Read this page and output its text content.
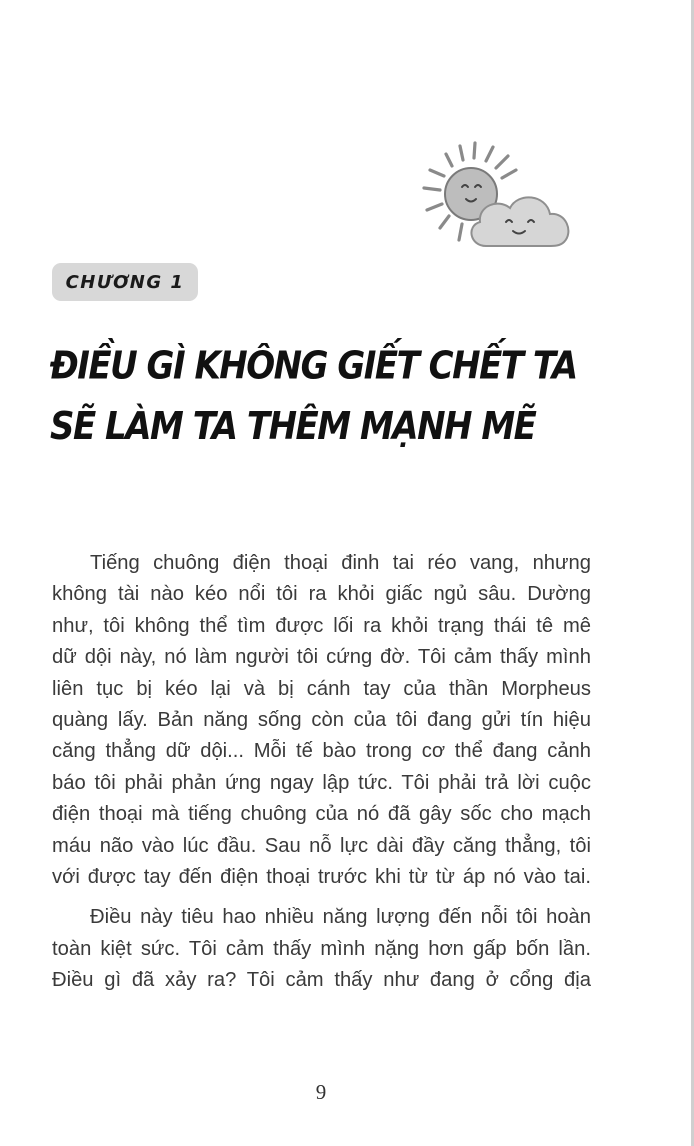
CHƯƠNG 1
ĐIỀU GÌ KHÔNG GIẾT CHẾT TA
SẼ LÀM TA THÊM MẠNH MẼ

Tiếng chuông điện thoại đinh tai réo vang, nhưng
không tài nào kéo nổi tôi ra khỏi giấc ngủ sâu. Dường
như, tôi không thể tìm được lối ra khỏi trạng thái tê mê
dữ dội này, nó làm người tôi cứng đờ. Tôi cảm thấy mình
liên tục bị kéo lại và bị cánh tay của thần Morpheus
quàng lấy. Bản năng sống còn của tôi đang gửi tín hiệu
căng thẳng dữ dội... Mỗi tế bào trong cơ thể đang cảnh
báo tôi phải phản ứng ngay lập tức. Tôi phải trả lời cuộc
điện thoại mà tiếng chuông của nó đã gây sốc cho mạch
máu não vào lúc đầu. Sau nỗ lực dài đầy căng thẳng, tôi
với được tay đến điện thoại trước khi từ từ áp nó vào tai.

Điều này tiêu hao nhiều năng lượng đến nỗi tôi hoàn
toàn kiệt sức. Tôi cảm thấy mình nặng hơn gấp bốn lần.
Điều gì đã xảy ra? Tôi cảm thấy như đang ở cổng địa

9
